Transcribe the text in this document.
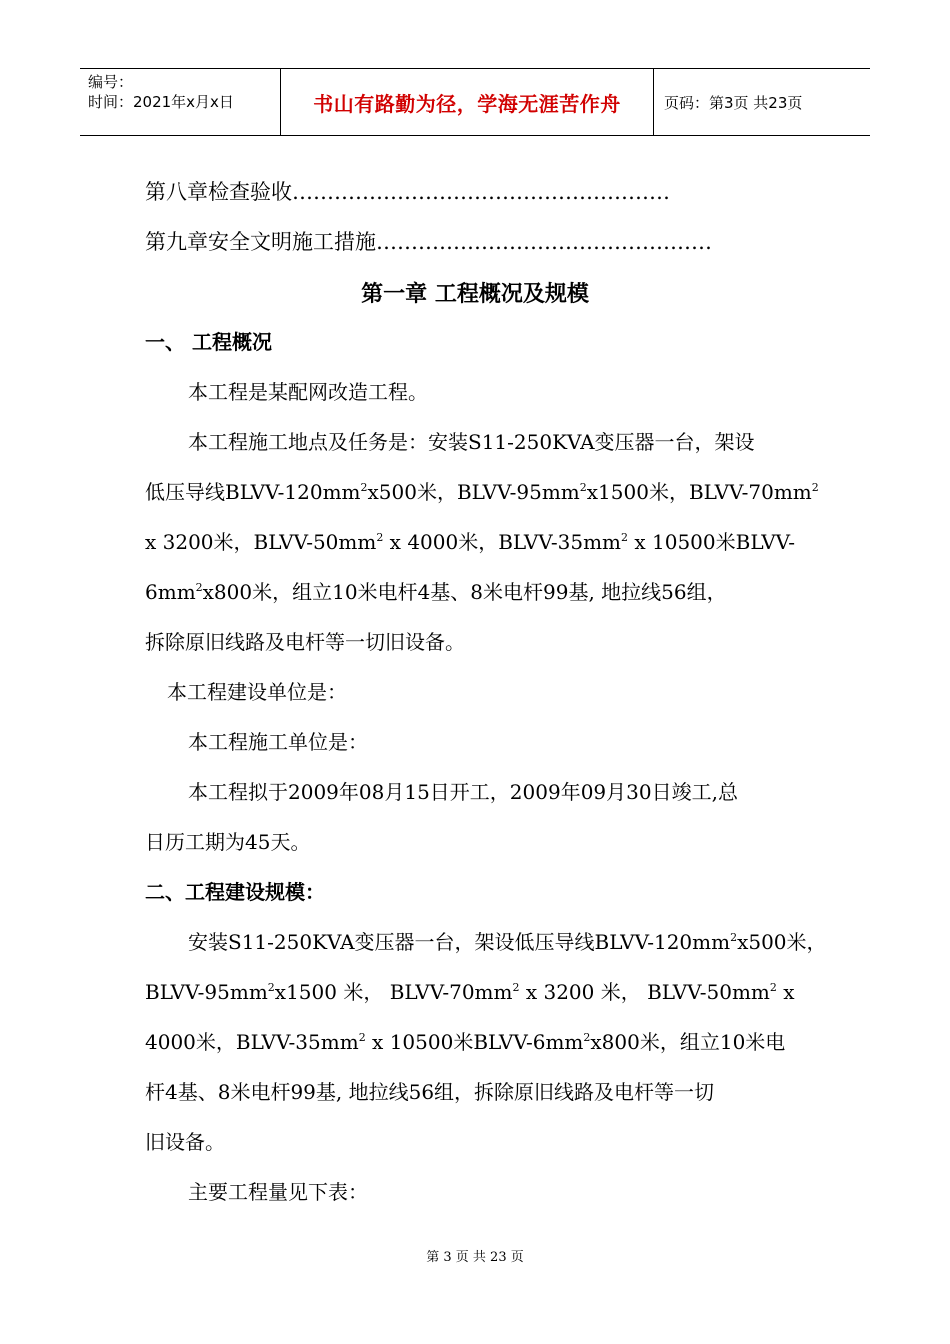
编号：
时间：2021年x月x日	书山有路勤为径，学海无涯苦作舟	页码：第3页 共23页
第八章检查验收………………………………………………
第九章安全文明施工措施…………………………………………
第一章 工程概况及规模
一、 工程概况
本工程是某配网改造工程。
本工程施工地点及任务是：安装S11-250KVA变压器一台，架设
低压导线BLVV-$120mm^2x500$米，BLVV-$95mm^2x1500$米，BLVV-$70mm^2$
x 3200米，BLVV-$50mm^2$ x 4000米，BLVV-$35mm^2$ x 10500米BLVV-
$6mm^2x800$米，组立10米电杆4基、8米电杆99基, 地拉线56组，
拆除原旧线路及电杆等一切旧设备。
本工程建设单位是：
本工程施工单位是：
本工程拟于2009年08月15日开工，2009年09月30日竣工,总
日历工期为45天。
二、工程建设规模：
安装S11-250KVA变压器一台，架设低压导线BLVV-$120mm^2x500$米，
BLVV-$95mm^2x1500$ 米， BLVV-$70mm^2$ x 3200 米， BLVV-$50mm^2$ x
4000米，BLVV-$35mm^2$ x 10500米BLVV-$6mm^2x800$米，组立10米电
杆4基、8米电杆99基, 地拉线56组，拆除原旧线路及电杆等一切
旧设备。
主要工程量见下表：
第 3 页 共 23 页
